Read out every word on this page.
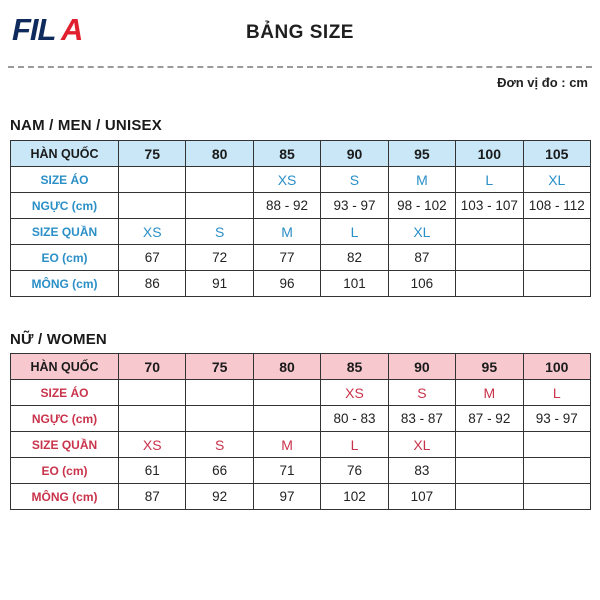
FIL A	BẢNG SIZE
Đơn vị đo : cm
NAM / MEN / UNISEX
HÀN QUỐC	75	80	85	90	95	100	105
SIZE ÁO			XS	S	M	L	XL
NGỰC (cm)			88 - 92	93 - 97	98 - 102	103 - 107	108 - 112
SIZE QUẦN	XS	S	M	L	XL		
EO (cm)	67	72	77	82	87		
MÔNG (cm)	86	91	96	101	106		
NỮ / WOMEN
HÀN QUỐC	70	75	80	85	90	95	100
SIZE ÁO				XS	S	M	L
NGỰC (cm)				80 - 83	83 - 87	87 - 92	93 - 97
SIZE QUẦN	XS	S	M	L	XL		
EO (cm)	61	66	71	76	83		
MÔNG (cm)	87	92	97	102	107		
